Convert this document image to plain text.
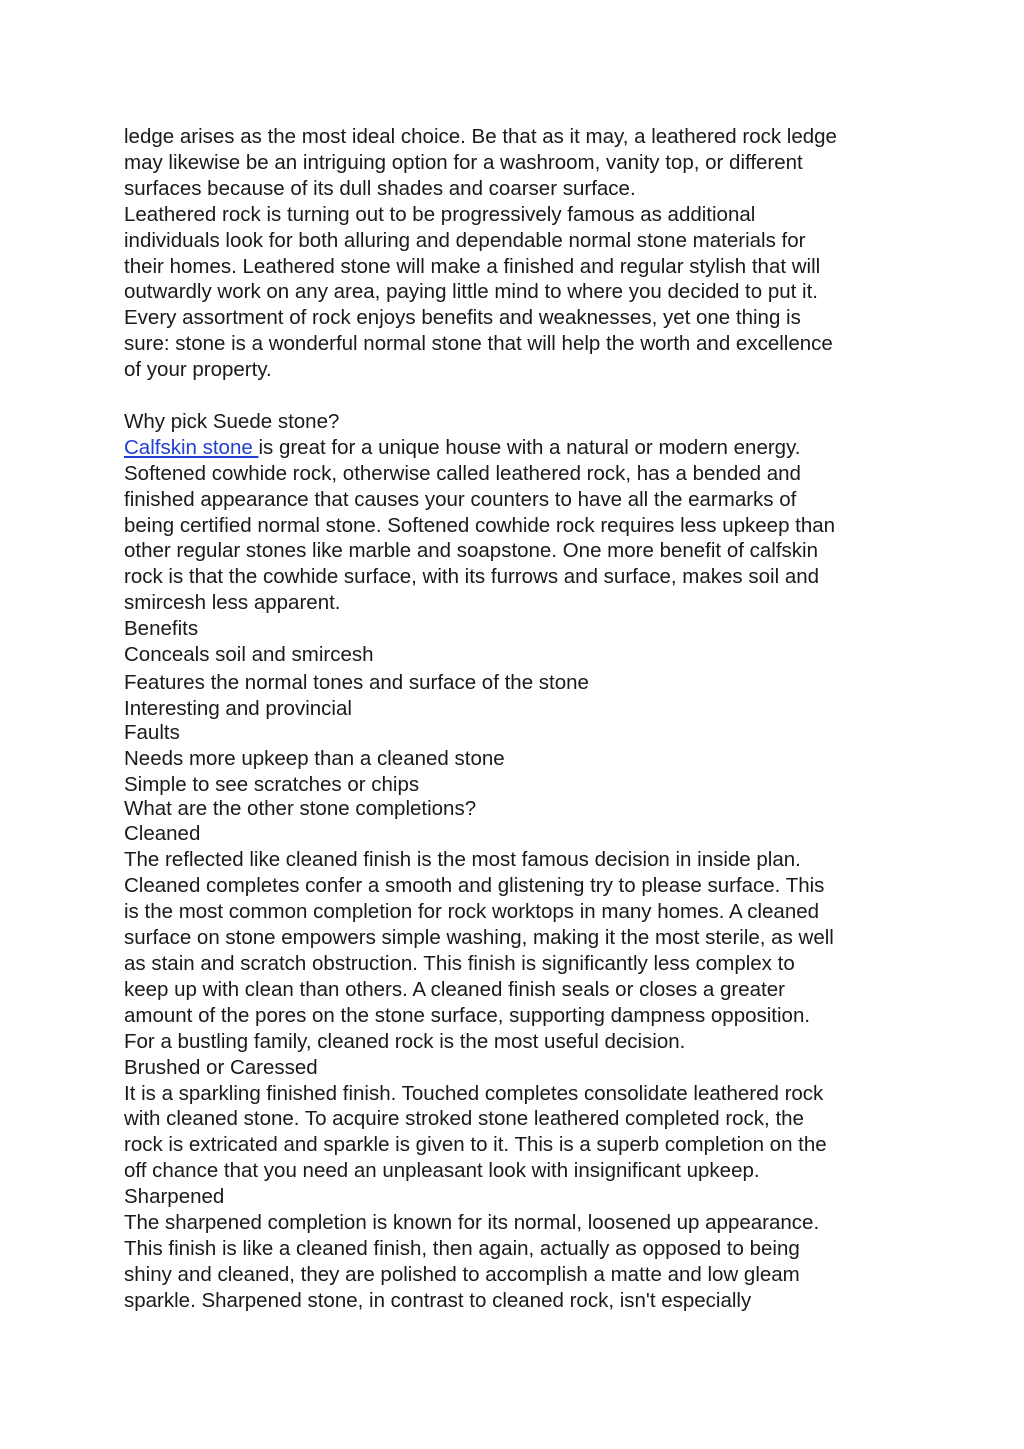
ledge arises as the most ideal choice. Be that as it may, a leathered rock ledge
may likewise be an intriguing option for a washroom, vanity top, or different
surfaces because of its dull shades and coarser surface.
Leathered rock is turning out to be progressively famous as additional
individuals look for both alluring and dependable normal stone materials for
their homes. Leathered stone will make a finished and regular stylish that will
outwardly work on any area, paying little mind to where you decided to put it.
Every assortment of rock enjoys benefits and weaknesses, yet one thing is
sure: stone is a wonderful normal stone that will help the worth and excellence
of your property.
Why pick Suede stone?
Calfskin stone is great for a unique house with a natural or modern energy.
Softened cowhide rock, otherwise called leathered rock, has a bended and
finished appearance that causes your counters to have all the earmarks of
being certified normal stone. Softened cowhide rock requires less upkeep than
other regular stones like marble and soapstone. One more benefit of calfskin
rock is that the cowhide surface, with its furrows and surface, makes soil and
smircesh less apparent.
Benefits
Conceals soil and smircesh
Features the normal tones and surface of the stone
Interesting and provincial
Faults
Needs more upkeep than a cleaned stone
Simple to see scratches or chips
What are the other stone completions?
Cleaned
The reflected like cleaned finish is the most famous decision in inside plan.
Cleaned completes confer a smooth and glistening try to please surface. This
is the most common completion for rock worktops in many homes. A cleaned
surface on stone empowers simple washing, making it the most sterile, as well
as stain and scratch obstruction. This finish is significantly less complex to
keep up with clean than others. A cleaned finish seals or closes a greater
amount of the pores on the stone surface, supporting dampness opposition.
For a bustling family, cleaned rock is the most useful decision.
Brushed or Caressed
It is a sparkling finished finish. Touched completes consolidate leathered rock
with cleaned stone. To acquire stroked stone leathered completed rock, the
rock is extricated and sparkle is given to it. This is a superb completion on the
off chance that you need an unpleasant look with insignificant upkeep.
Sharpened
The sharpened completion is known for its normal, loosened up appearance.
This finish is like a cleaned finish, then again, actually as opposed to being
shiny and cleaned, they are polished to accomplish a matte and low gleam
sparkle. Sharpened stone, in contrast to cleaned rock, isn't especially
